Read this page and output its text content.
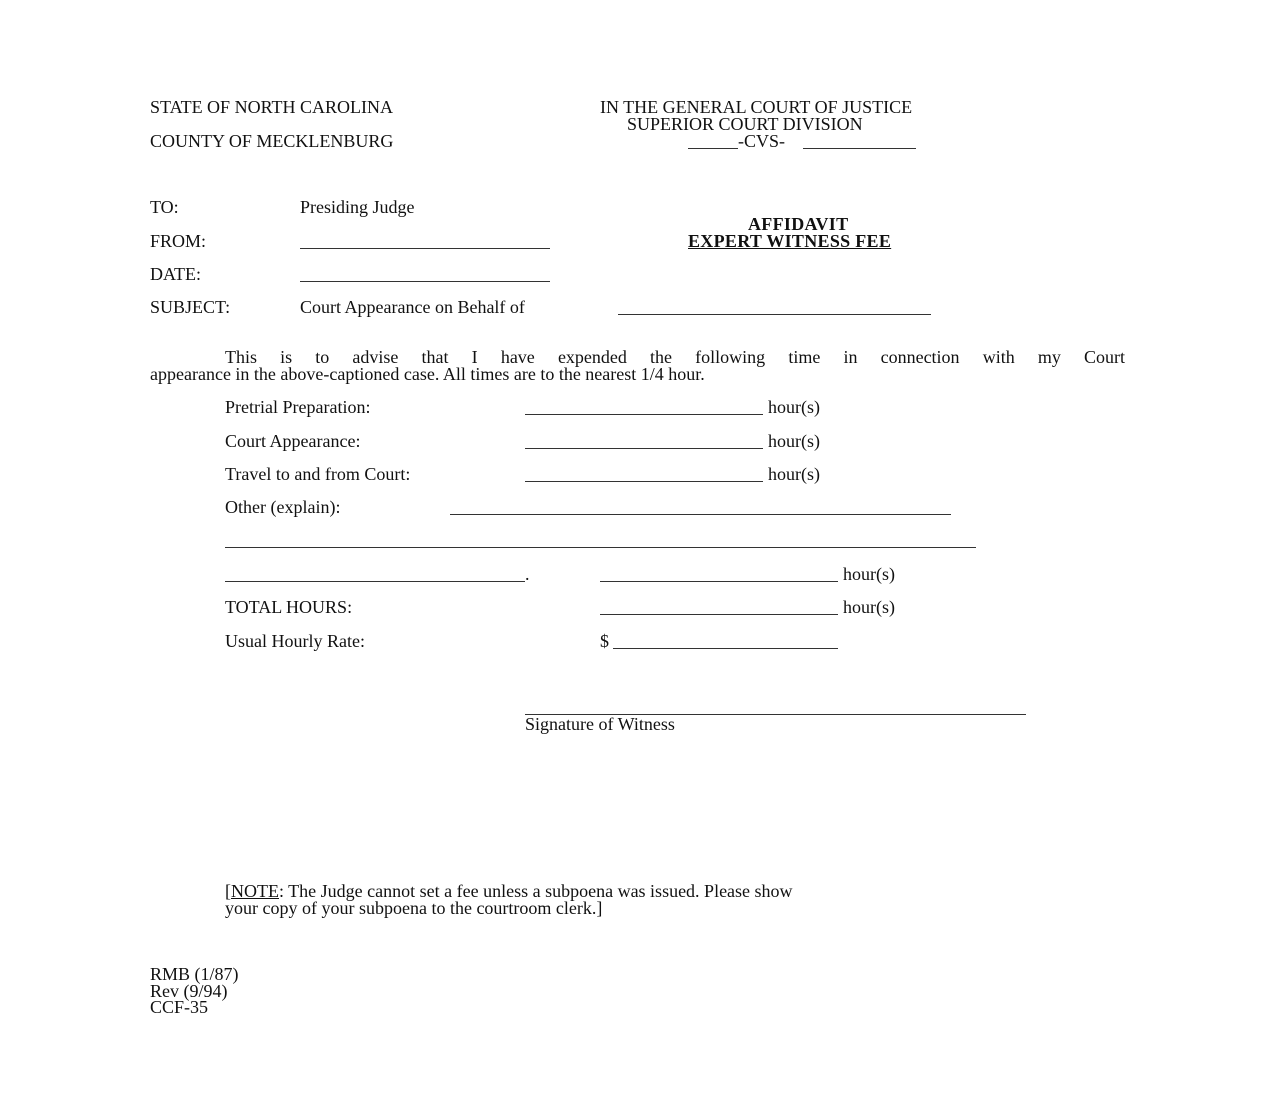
STATE OF NORTH CAROLINA

COUNTY OF MECKLENBURG

IN THE GENERAL COURT OF JUSTICE

SUPERIOR COURT DIVISION

-CVS-

TO:	Presiding Judge

FROM:

DATE:

SUBJECT:	Court Appearance on Behalf of

AFFIDAVIT

EXPERT WITNESS FEE

This is to advise that I have expended the following time in connection with my Court

appearance in the above-captioned case. All times are to the nearest 1/4 hour.

Pretrial Preparation:	hour(s)

Court Appearance:	hour(s)

Travel to and from Court:	hour(s)

Other (explain):

.	hour(s)

TOTAL HOURS:	hour(s)

Usual Hourly Rate:	$

Signature of Witness

[NOTE: The Judge cannot set a fee unless a subpoena was issued. Please show

your copy of your subpoena to the courtroom clerk.]

RMB (1/87)

Rev (9/94)

CCF-35
